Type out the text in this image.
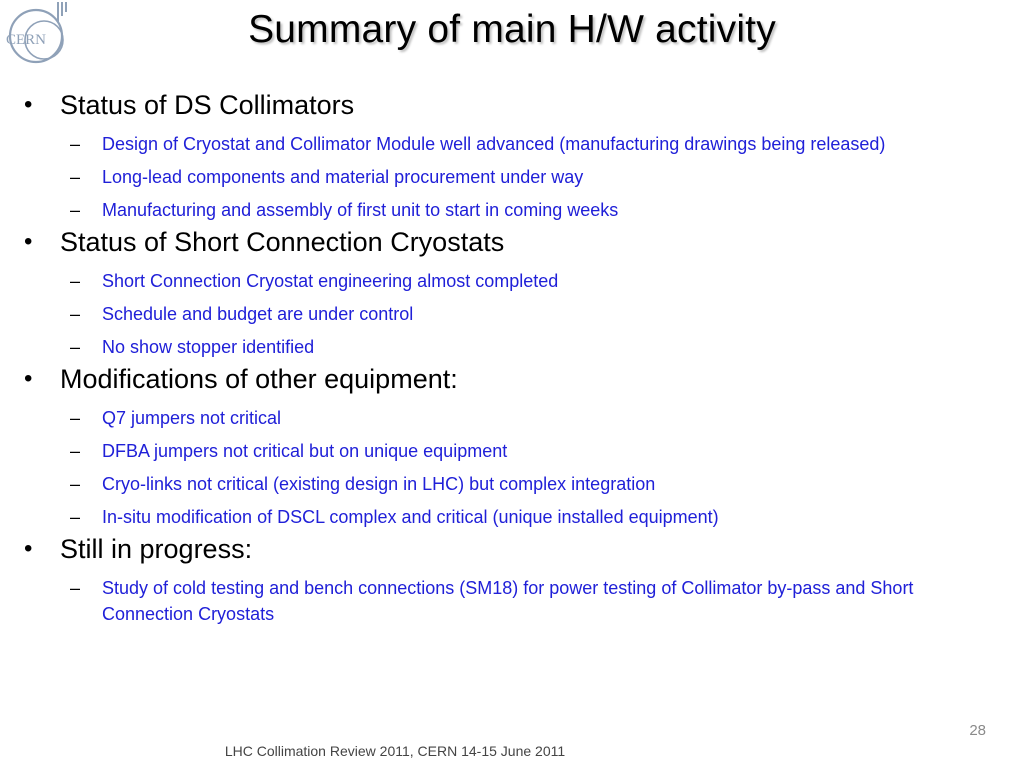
CERN	Summary of main H/W activity
•	Status of DS Collimators
–	Design of Cryostat and Collimator Module well advanced (manufacturing drawings being released)
–	Long-lead components and material procurement under way
–	Manufacturing and assembly of first unit to start in coming weeks
•	Status of Short Connection Cryostats
–	Short Connection Cryostat engineering almost completed
–	Schedule and budget are under control
–	No show stopper identified
•	Modifications of other equipment:
–	Q7 jumpers not critical
–	DFBA jumpers not critical but on unique equipment
–	Cryo-links not critical (existing design in LHC) but complex integration
–	In-situ modification of DSCL complex and critical (unique installed equipment)
•	Still in progress:
–	Study of cold testing and bench connections (SM18) for power testing of Collimator by-pass and Short Connection Cryostats
28
LHC Collimation Review 2011, CERN 14-15 June 2011
